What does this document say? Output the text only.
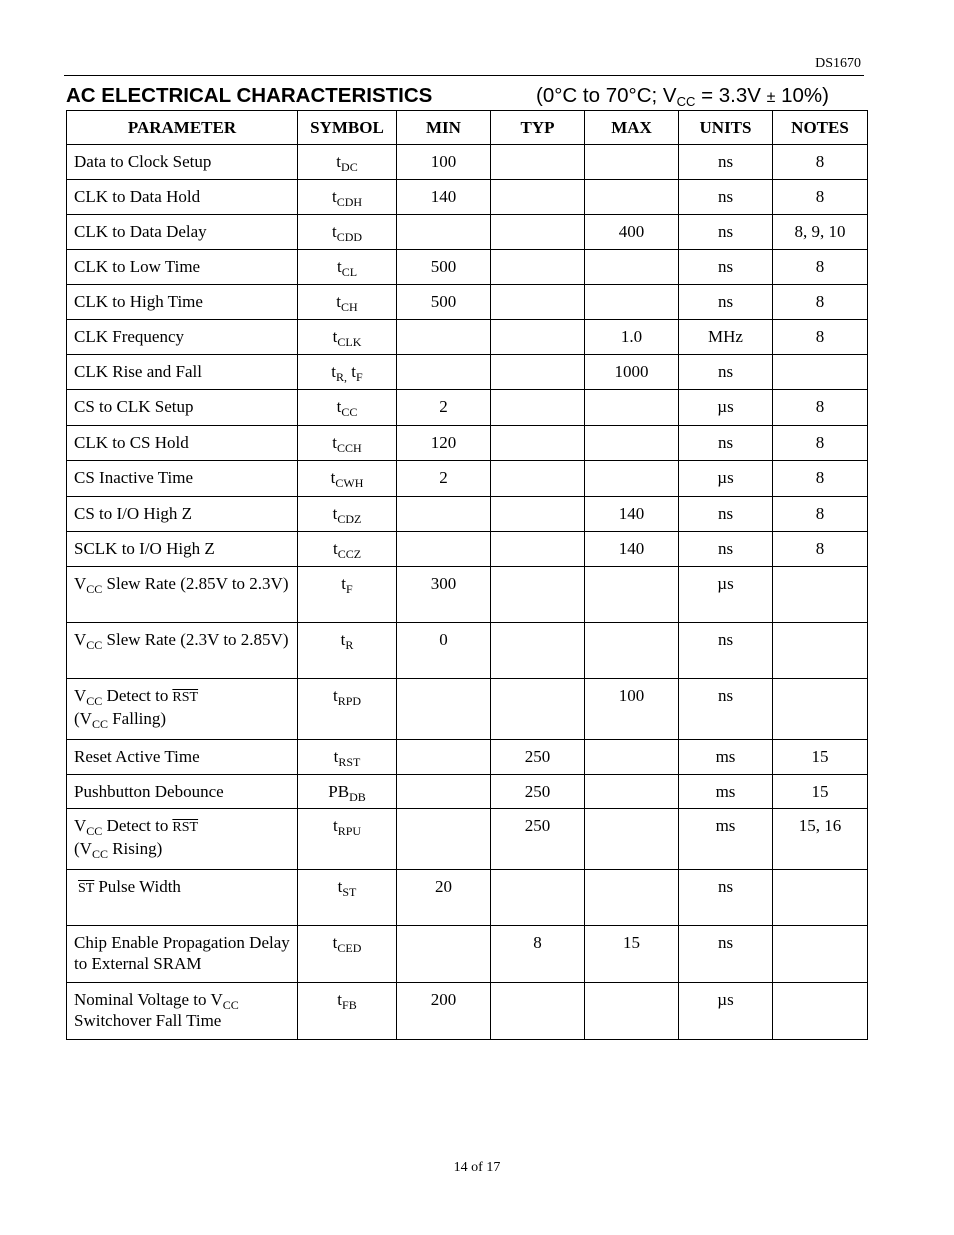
DS1670
AC ELECTRICAL CHARACTERISTICS	(0°C to 70°C; $V_{CC} = 3.3V \pm 10\%$)
PARAMETER	SYMBOL	MIN	TYP	MAX	UNITS	NOTES
Data to Clock Setup	$t_{DC}$	100			ns	8
CLK to Data Hold	$t_{CDH}$	140			ns	8
CLK to Data Delay	$t_{CDD}$			400	ns	8, 9, 10
CLK to Low Time	$t_{CL}$	500			ns	8
CLK to High Time	$t_{CH}$	500			ns	8
CLK Frequency	$t_{CLK}$			1.0	MHz	8
CLK Rise and Fall	$t_{R,}$ $t_F$			1000	ns	
CS to CLK Setup	$t_{CC}$	2			µs	8
CLK to CS Hold	$t_{CCH}$	120			ns	8
CS Inactive Time	$t_{CWH}$	2			µs	8
CS to I/O High Z	$t_{CDZ}$			140	ns	8
SCLK to I/O High Z	$t_{CCZ}$			140	ns	8
$V_{CC}$ Slew Rate (2.85V to 2.3V)	$t_F$	300			µs	
$V_{CC}$ Slew Rate (2.3V to 2.85V)	$t_R$	0			ns	
$V_{CC}$ Detect to $\overline{RST}$
($V_{CC}$ Falling)	$t_{RPD}$			100	ns	
Reset Active Time	$t_{RST}$		250		ms	15
Pushbutton Debounce	$PB_{DB}$		250		ms	15
$V_{CC}$ Detect to $\overline{RST}$
($V_{CC}$ Rising)	$t_{RPU}$		250		ms	15, 16
$\overline{ST}$ Pulse Width	$t_{ST}$	20			ns	
Chip Enable Propagation Delay to External SRAM	$t_{CED}$		8	15	ns	
Nominal Voltage to $V_{CC}$ Switchover Fall Time	$t_{FB}$	200			µs	
14 of 17
